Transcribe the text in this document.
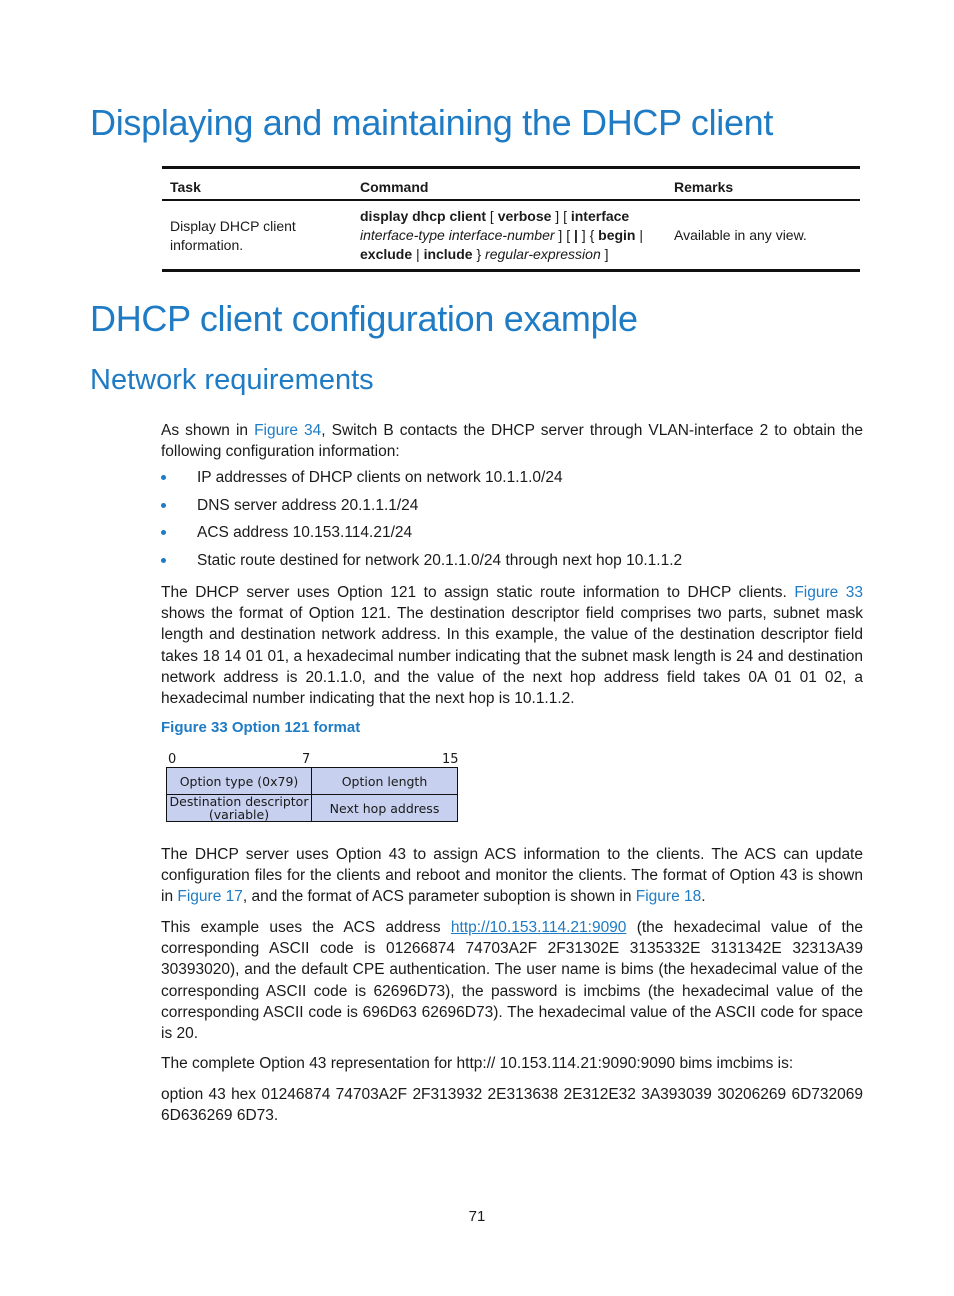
Displaying and maintaining the DHCP client
Task	Command	Remarks
Display DHCP client information.	display dhcp client [ verbose ] [ interface
interface-type interface-number ] [ | ] { begin |
exclude | include } regular-expression ]	Available in any view.
DHCP client configuration example
Network requirements

As shown in Figure 34, Switch B contacts the DHCP server through VLAN-interface 2 to obtain the following configuration information:

IP addresses of DHCP clients on network 10.1.1.0/24
DNS server address 20.1.1.1/24
ACS address 10.153.114.21/24
Static route destined for network 20.1.1.0/24 through next hop 10.1.1.2

The DHCP server uses Option 121 to assign static route information to DHCP clients. Figure 33 shows the format of Option 121. The destination descriptor field comprises two parts, subnet mask length and destination network address. In this example, the value of the destination descriptor field takes 18 14 01 01, a hexadecimal number indicating that the subnet mask length is 24 and destination network address is 20.1.1.0, and the value of the next hop address field takes 0A 01 01 02, a hexadecimal number indicating that the next hop is 10.1.1.2.

Figure 33 Option 121 format
0	7	15
Option type (0x79)	Option length
Destination descriptor
(variable)	Next hop address

The DHCP server uses Option 43 to assign ACS information to the clients. The ACS can update configuration files for the clients and reboot and monitor the clients. The format of Option 43 is shown in Figure 17, and the format of ACS parameter suboption is shown in Figure 18.

This example uses the ACS address http://10.153.114.21:9090 (the hexadecimal value of the corresponding ASCII code is 01266874 74703A2F 2F31302E 3135332E 3131342E 32313A39 30393020), and the default CPE authentication. The user name is bims (the hexadecimal value of the corresponding ASCII code is 62696D73), the password is imcbims (the hexadecimal value of the corresponding ASCII code is 696D63 62696D73). The hexadecimal value of the ASCII code for space is 20.

The complete Option 43 representation for http:// 10.153.114.21:9090:9090 bims imcbims is:

option 43 hex 01246874 74703A2F 2F313932 2E313638 2E312E32 3A393039 30206269 6D732069 6D636269 6D73.

71
